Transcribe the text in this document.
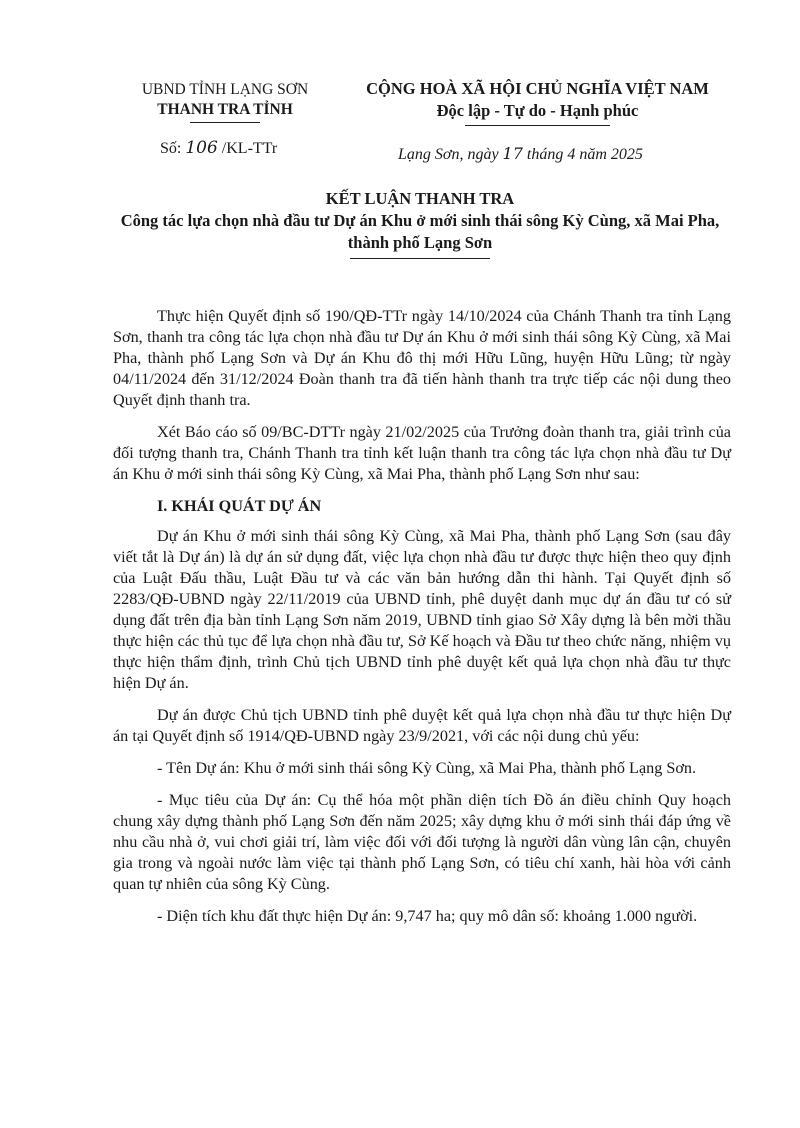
UBND TỈNH LẠNG SƠN
THANH TRA TỈNH
CỘNG HOÀ XÃ HỘI CHỦ NGHĨA VIỆT NAM
Độc lập - Tự do - Hạnh phúc
Số: 106 /KL-TTr	Lạng Sơn, ngày 17 tháng 4 năm 2025
KẾT LUẬN THANH TRA
Công tác lựa chọn nhà đầu tư Dự án Khu ở mới sinh thái sông Kỳ Cùng, xã Mai Pha, thành phố Lạng Sơn

Thực hiện Quyết định số 190/QĐ-TTr ngày 14/10/2024 của Chánh Thanh tra tỉnh Lạng Sơn, thanh tra công tác lựa chọn nhà đầu tư Dự án Khu ở mới sinh thái sông Kỳ Cùng, xã Mai Pha, thành phố Lạng Sơn và Dự án Khu đô thị mới Hữu Lũng, huyện Hữu Lũng; từ ngày 04/11/2024 đến 31/12/2024 Đoàn thanh tra đã tiến hành thanh tra trực tiếp các nội dung theo Quyết định thanh tra.

Xét Báo cáo số 09/BC-DTTr ngày 21/02/2025 của Trưởng đoàn thanh tra, giải trình của đối tượng thanh tra, Chánh Thanh tra tỉnh kết luận thanh tra công tác lựa chọn nhà đầu tư Dự án Khu ở mới sinh thái sông Kỳ Cùng, xã Mai Pha, thành phố Lạng Sơn như sau:

I. KHÁI QUÁT DỰ ÁN

Dự án Khu ở mới sinh thái sông Kỳ Cùng, xã Mai Pha, thành phố Lạng Sơn (sau đây viết tắt là Dự án) là dự án sử dụng đất, việc lựa chọn nhà đầu tư được thực hiện theo quy định của Luật Đấu thầu, Luật Đầu tư và các văn bản hướng dẫn thi hành. Tại Quyết định số 2283/QĐ-UBND ngày 22/11/2019 của UBND tỉnh, phê duyệt danh mục dự án đầu tư có sử dụng đất trên địa bàn tỉnh Lạng Sơn năm 2019, UBND tỉnh giao Sở Xây dựng là bên mời thầu thực hiện các thủ tục để lựa chọn nhà đầu tư, Sở Kế hoạch và Đầu tư theo chức năng, nhiệm vụ thực hiện thẩm định, trình Chủ tịch UBND tỉnh phê duyệt kết quả lựa chọn nhà đầu tư thực hiện Dự án.

Dự án được Chủ tịch UBND tỉnh phê duyệt kết quả lựa chọn nhà đầu tư thực hiện Dự án tại Quyết định số 1914/QĐ-UBND ngày 23/9/2021, với các nội dung chủ yếu:

- Tên Dự án: Khu ở mới sinh thái sông Kỳ Cùng, xã Mai Pha, thành phố Lạng Sơn.

- Mục tiêu của Dự án: Cụ thể hóa một phần diện tích Đồ án điều chỉnh Quy hoạch chung xây dựng thành phố Lạng Sơn đến năm 2025; xây dựng khu ở mới sinh thái đáp ứng về nhu cầu nhà ở, vui chơi giải trí, làm việc đối với đối tượng là người dân vùng lân cận, chuyên gia trong và ngoài nước làm việc tại thành phố Lạng Sơn, có tiêu chí xanh, hài hòa với cảnh quan tự nhiên của sông Kỳ Cùng.

- Diện tích khu đất thực hiện Dự án: 9,747 ha; quy mô dân số: khoảng 1.000 người.
